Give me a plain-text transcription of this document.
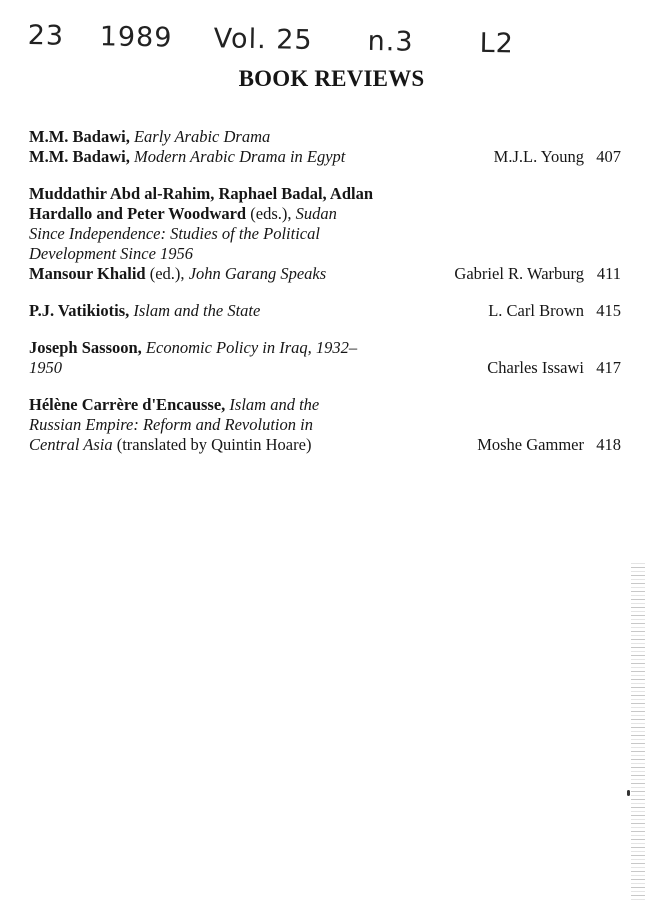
23 1989 Vol. 25 n.3 L2
BOOK REVIEWS
M.M. Badawi, Early Arabic Drama
M.M. Badawi, Modern Arabic Drama in Egypt	M.J.L. Young 407
Muddathir Abd al-Rahim, Raphael Badal, Adlan
Hardallo and Peter Woodward (eds.), Sudan
Since Independence: Studies of the Political
Development Since 1956
Mansour Khalid (ed.), John Garang Speaks	Gabriel R. Warburg 411
P.J. Vatikiotis, Islam and the State	L. Carl Brown 415
Joseph Sassoon, Economic Policy in Iraq, 1932–
1950	Charles Issawi 417
Hélène Carrère d'Encausse, Islam and the
Russian Empire: Reform and Revolution in
Central Asia (translated by Quintin Hoare)	Moshe Gammer 418
